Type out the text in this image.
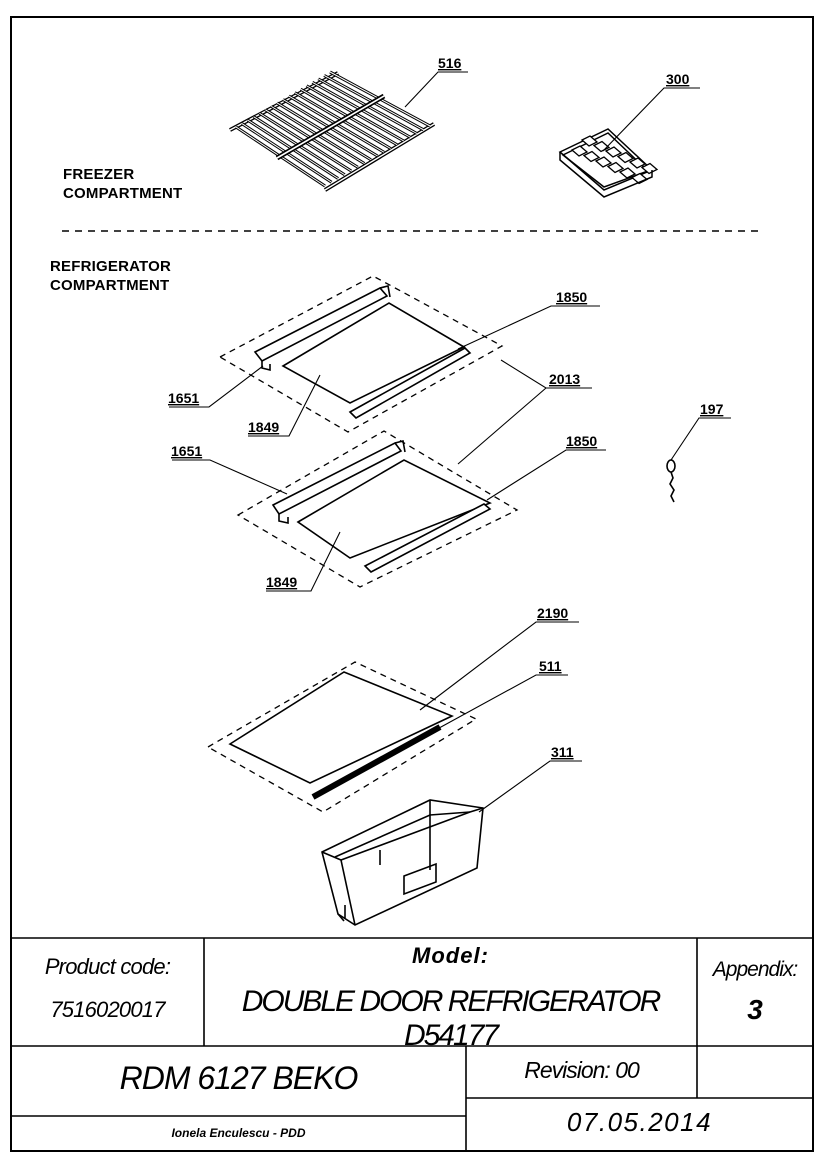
516
300
1850
2013
1651
1849
197
1651
1850
1849
2190
511
311
FREEZER
COMPARTMENT
REFRIGERATOR
COMPARTMENT
Product code:
7516020017
Model:
DOUBLE DOOR REFRIGERATOR D54177
Appendix:
3
RDM 6127 BEKO	Revision: 00
Ionela Enculescu - PDD	07.05.2014
